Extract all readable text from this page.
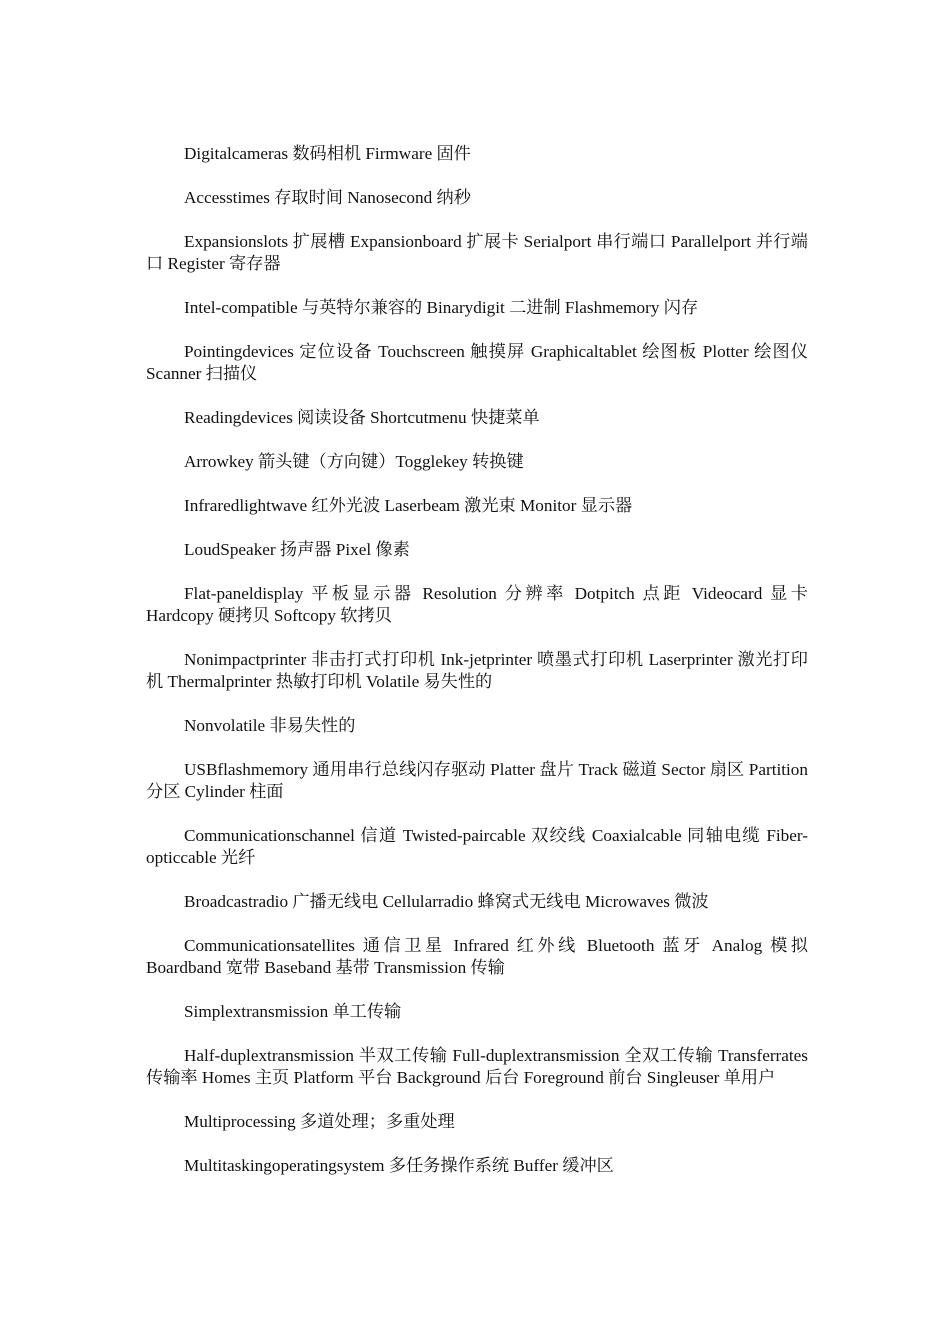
Digitalcameras 数码相机 Firmware 固件

Accesstimes 存取时间 Nanosecond 纳秒

Expansionslots 扩展槽 Expansionboard 扩展卡 Serialport 串行端口 Parallelport 并行端口 Register 寄存器

Intel-compatible 与英特尔兼容的 Binarydigit 二进制 Flashmemory 闪存

Pointingdevices 定位设备 Touchscreen 触摸屏 Graphicaltablet 绘图板 Plotter 绘图仪 Scanner 扫描仪

Readingdevices 阅读设备 Shortcutmenu 快捷菜单

Arrowkey 箭头键（方向键）Togglekey 转换键

Infraredlightwave 红外光波 Laserbeam 激光束 Monitor 显示器

LoudSpeaker 扬声器 Pixel 像素

Flat-paneldisplay 平板显示器 Resolution 分辨率 Dotpitch 点距 Videocard 显卡 Hardcopy 硬拷贝 Softcopy 软拷贝

Nonimpactprinter 非击打式打印机 Ink-jetprinter 喷墨式打印机 Laserprinter 激光打印机 Thermalprinter 热敏打印机 Volatile 易失性的

Nonvolatile 非易失性的

USBflashmemory 通用串行总线闪存驱动 Platter 盘片 Track 磁道 Sector 扇区 Partition 分区 Cylinder 柱面

Communicationschannel 信道 Twisted-paircable 双绞线 Coaxialcable 同轴电缆 Fiber-opticcable 光纤

Broadcastradio 广播无线电 Cellularradio 蜂窝式无线电 Microwaves 微波

Communicationsatellites 通信卫星 Infrared 红外线 Bluetooth 蓝牙 Analog 模拟 Boardband 宽带 Baseband 基带 Transmission 传输

Simplextransmission 单工传输

Half-duplextransmission 半双工传输 Full-duplextransmission 全双工传输 Transferrates 传输率 Homes 主页 Platform 平台 Background 后台 Foreground 前台 Singleuser 单用户

Multiprocessing 多道处理；多重处理

Multitaskingoperatingsystem 多任务操作系统 Buffer 缓冲区
